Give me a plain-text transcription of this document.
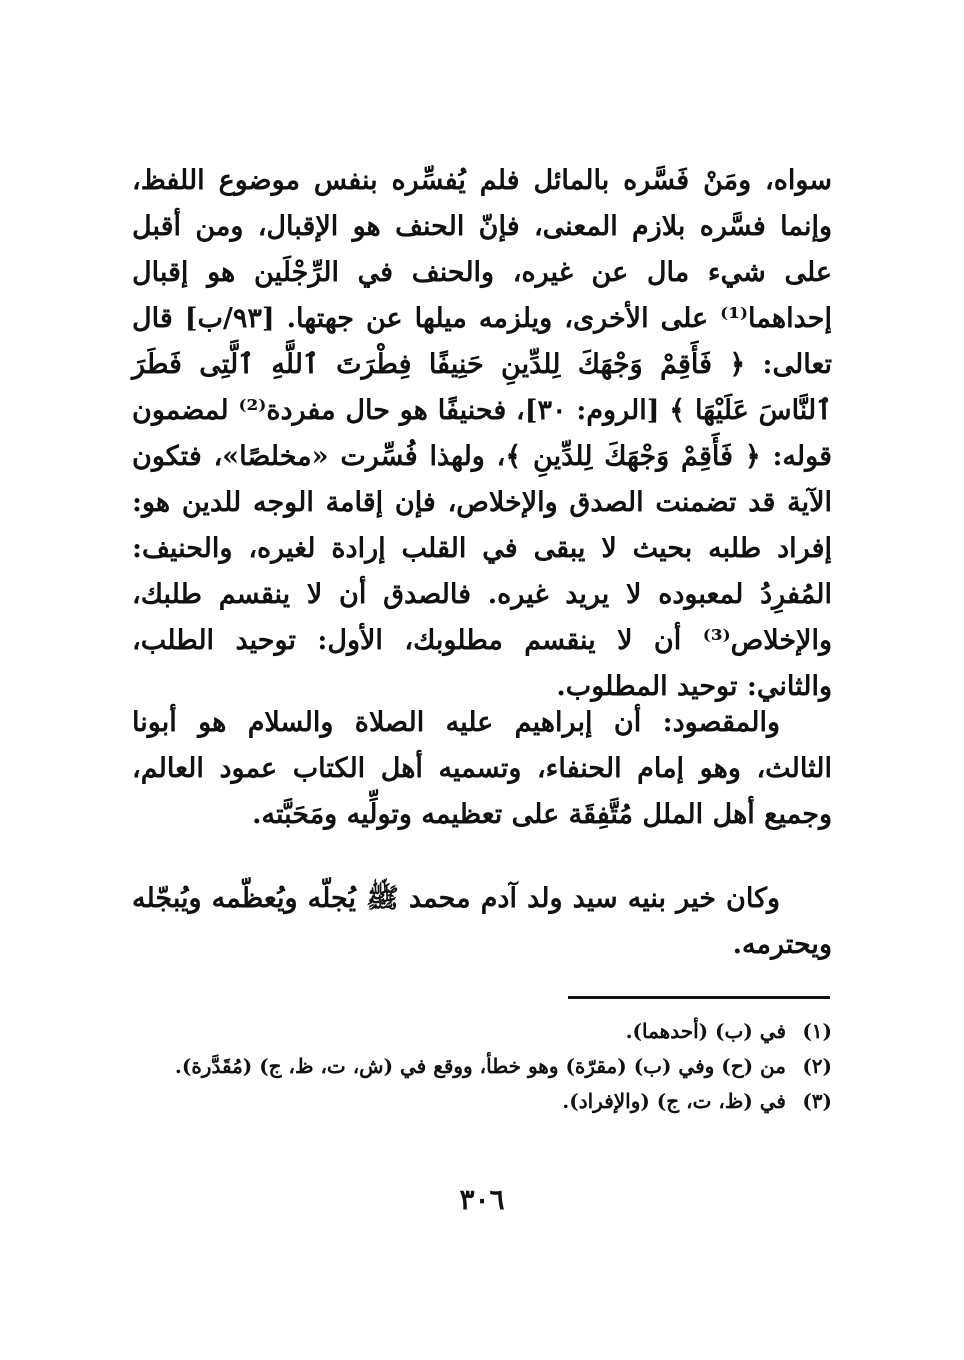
سواه، ومَنْ فَسَّره بالمائل فلم يُفسِّره بنفس موضوع اللفظ، وإنما فسَّره بلازم المعنى، فإنّ الحنف هو الإقبال، ومن أقبل على شيء مال عن غيره، والحنف في الرِّجْلَين هو إقبال إحداهما⁽¹⁾ على الأخرى، ويلزمه ميلها عن جهتها. [٩٣/ب] قال تعالى: ﴿ فَأَقِمْ وَجْهَكَ لِلدِّينِ حَنِيفًا فِطْرَتَ ٱللَّهِ ٱلَّتِى فَطَرَ ٱلنَّاسَ عَلَيْهَا ﴾ [الروم: ٣٠]، فحنيفًا هو حال مفردة⁽²⁾ لمضمون قوله: ﴿ فَأَقِمْ وَجْهَكَ لِلدِّينِ ﴾، ولهذا فُسِّرت «مخلصًا»، فتكون الآية قد تضمنت الصدق والإخلاص، فإن إقامة الوجه للدين هو: إفراد طلبه بحيث لا يبقى في القلب إرادة لغيره، والحنيف: المُفرِدُ لمعبوده لا يريد غيره. فالصدق أن لا ينقسم طلبك، والإخلاص⁽³⁾ أن لا ينقسم مطلوبك، الأول: توحيد الطلب، والثاني: توحيد المطلوب.
والمقصود: أن إبراهيم عليه الصلاة والسلام هو أبونا الثالث، وهو إمام الحنفاء، وتسميه أهل الكتاب عمود العالم، وجميع أهل الملل مُتَّفِقَة على تعظيمه وتولِّيه ومَحَبَّته.
وكان خير بنيه سيد ولد آدم محمد ﷺ يُجلّه ويُعظّمه ويُبجّله ويحترمه.
(١)
في (ب) (أحدهما).
(٢)
من (ح) وفي (ب) (مقرّة) وهو خطأ، ووقع في (ش، ت، ظ، ج) (مُقَدَّرة).
(٣)
في (ظ، ت، ج) (والإفراد).
٣٠٦
